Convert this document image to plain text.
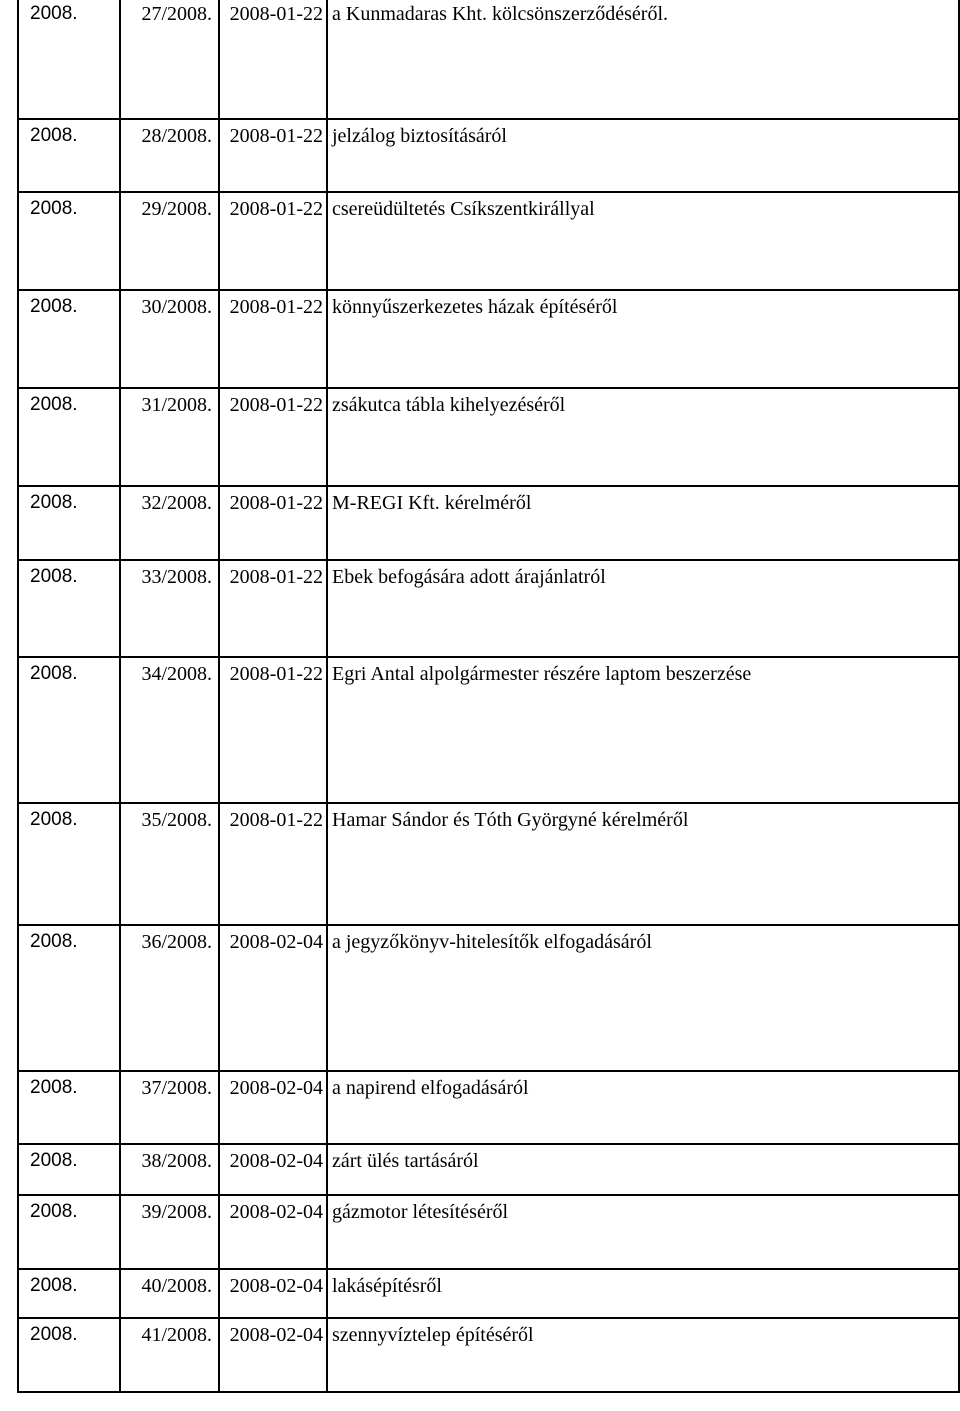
2008.	27/2008.	2008-01-22	a Kunmadaras Kht. kölcsönszerződéséről.
2008.	28/2008.	2008-01-22	jelzálog biztosításáról
2008.	29/2008.	2008-01-22	csereüdültetés Csíkszentkirállyal
2008.	30/2008.	2008-01-22	könnyűszerkezetes házak építéséről
2008.	31/2008.	2008-01-22	zsákutca tábla kihelyezéséről
2008.	32/2008.	2008-01-22	M-REGI Kft. kérelméről
2008.	33/2008.	2008-01-22	Ebek befogására adott árajánlatról
2008.	34/2008.	2008-01-22	Egri Antal alpolgármester részére laptom beszerzése
2008.	35/2008.	2008-01-22	Hamar Sándor és Tóth Györgyné kérelméről
2008.	36/2008.	2008-02-04	a jegyzőkönyv-hitelesítők elfogadásáról
2008.	37/2008.	2008-02-04	a napirend elfogadásáról
2008.	38/2008.	2008-02-04	zárt ülés tartásáról
2008.	39/2008.	2008-02-04	gázmotor létesítéséről
2008.	40/2008.	2008-02-04	lakásépítésről
2008.	41/2008.	2008-02-04	szennyvíztelep építéséről
